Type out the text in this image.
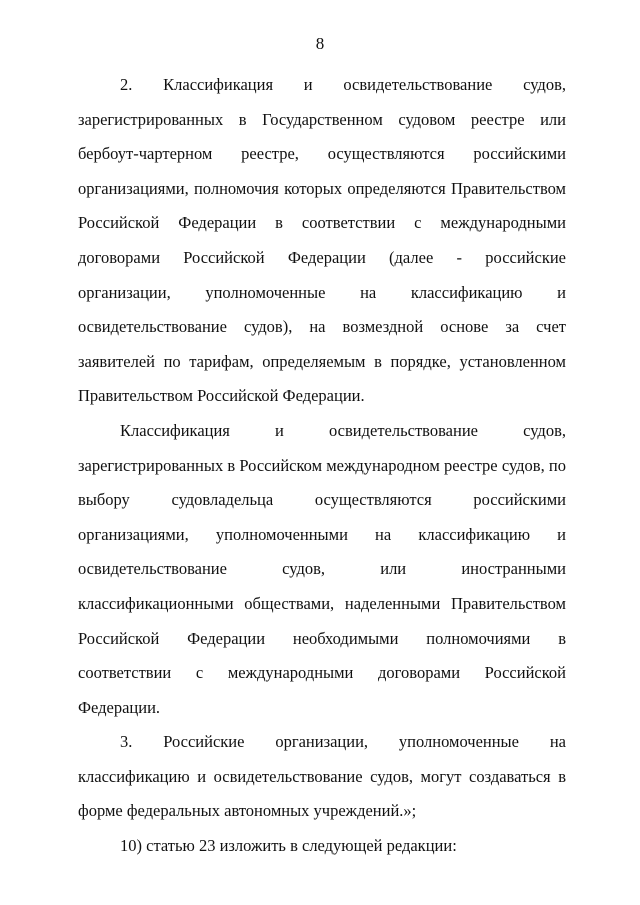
8

2. Классификация и освидетельствование судов, зарегистрированных в Государственном судовом реестре или бербоут-чартерном реестре, осуществляются российскими организациями, полномочия которых определяются Правительством Российской Федерации в соответствии с международными договорами Российской Федерации (далее - российские организации, уполномоченные на классификацию и освидетельствование судов), на возмездной основе за счет заявителей по тарифам, определяемым в порядке, установленном Правительством Российской Федерации.

Классификация и освидетельствование судов, зарегистрированных в Российском международном реестре судов, по выбору судовладельца осуществляются российскими организациями, уполномоченными на классификацию и освидетельствование судов, или иностранными классификационными обществами, наделенными Правительством Российской Федерации необходимыми полномочиями в соответствии с международными договорами Российской Федерации.

3. Российские организации, уполномоченные на классификацию и освидетельствование судов, могут создаваться в форме федеральных автономных учреждений.»;

10) статью 23 изложить в следующей редакции:
